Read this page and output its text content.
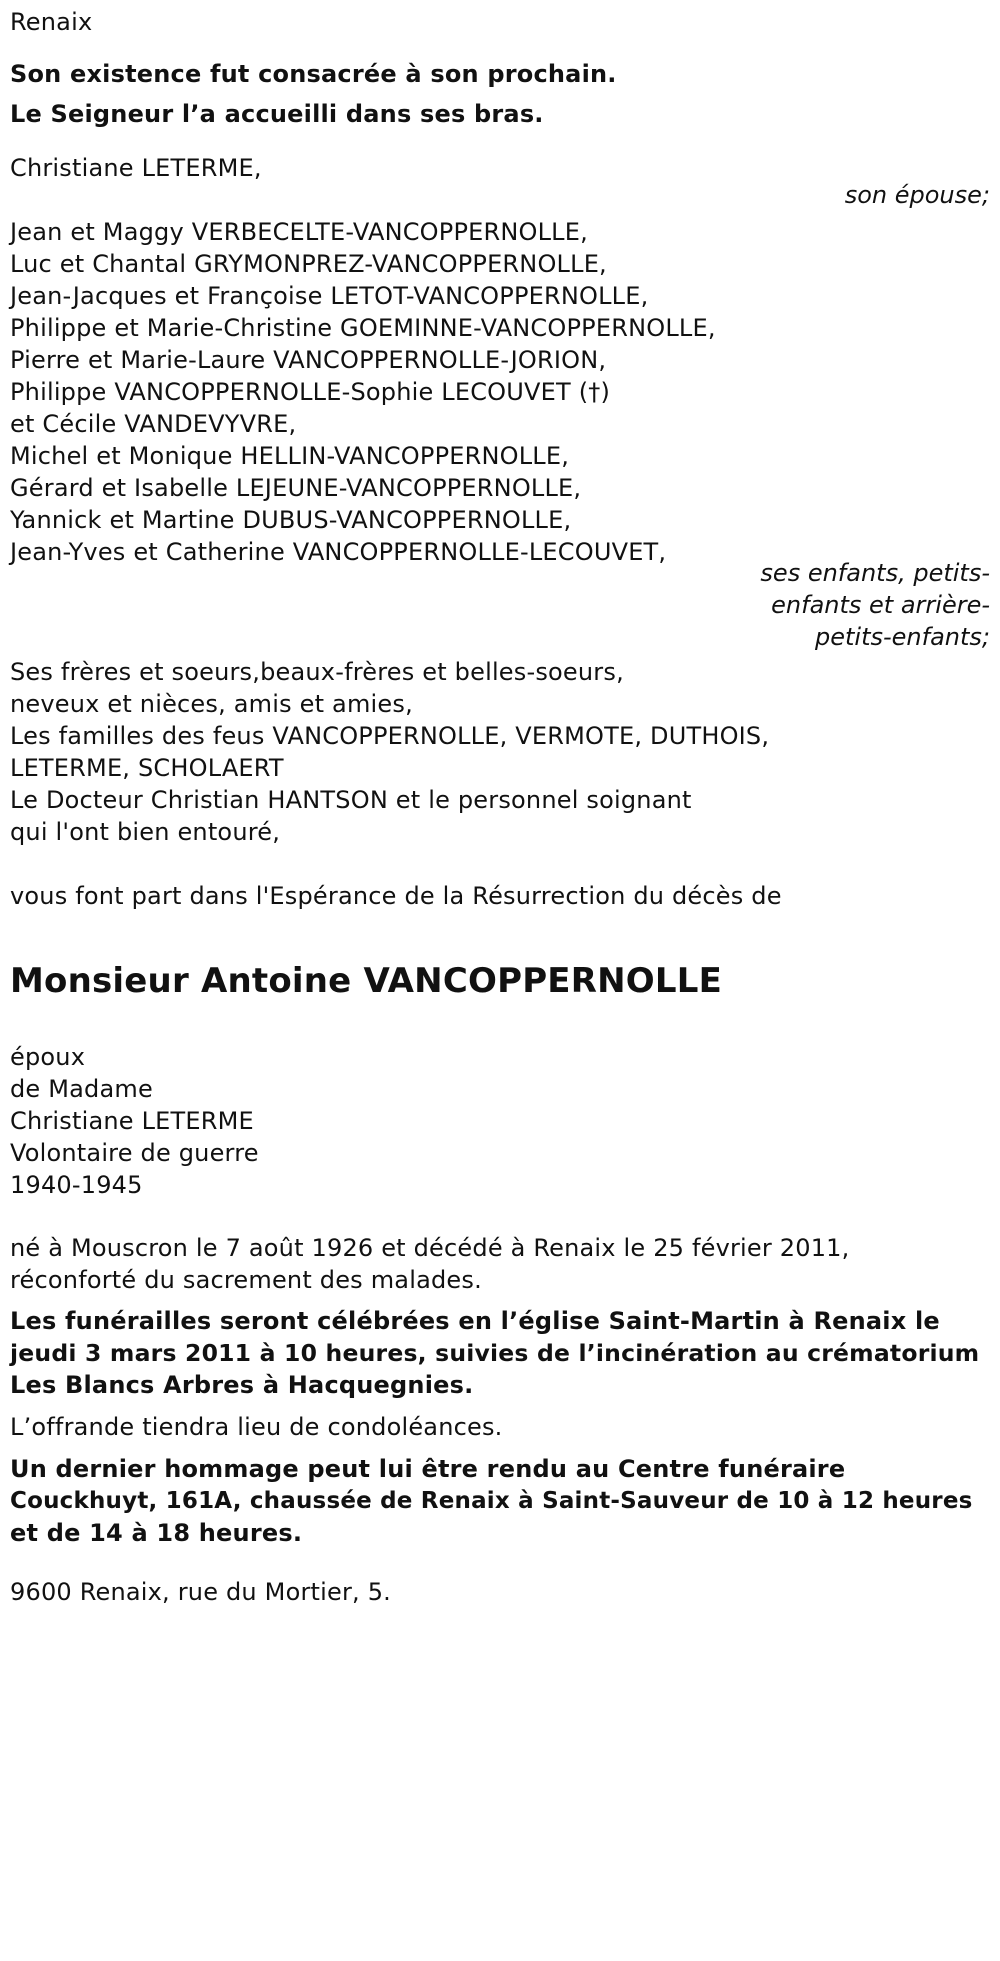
Renaix
Son existence fut consacrée à son prochain.
Le Seigneur l’a accueilli dans ses bras.
Christiane LETERME,
son épouse;
Jean et Maggy VERBECELTE-VANCOPPERNOLLE,
Luc et Chantal GRYMONPREZ-VANCOPPERNOLLE,
Jean-Jacques et Françoise LETOT-VANCOPPERNOLLE,
Philippe et Marie-Christine GOEMINNE-VANCOPPERNOLLE,
Pierre et Marie-Laure VANCOPPERNOLLE-JORION,
Philippe VANCOPPERNOLLE-Sophie LECOUVET (†)
et Cécile VANDEVYVRE,
Michel et Monique HELLIN-VANCOPPERNOLLE,
Gérard et Isabelle LEJEUNE-VANCOPPERNOLLE,
Yannick et Martine DUBUS-VANCOPPERNOLLE,
Jean-Yves et Catherine VANCOPPERNOLLE-LECOUVET,
ses enfants, petits-
enfants et arrière-
petits-enfants;
Ses frères et soeurs,beaux-frères et belles-soeurs,
neveux et nièces, amis et amies,
Les familles des feus VANCOPPERNOLLE, VERMOTE, DUTHOIS,
LETERME, SCHOLAERT
Le Docteur Christian HANTSON et le personnel soignant
qui l'ont bien entouré,
vous font part dans l'Espérance de la Résurrection du décès de
Monsieur Antoine VANCOPPERNOLLE
époux
de Madame
Christiane LETERME
Volontaire de guerre
1940-1945
né à Mouscron le 7 août 1926 et décédé à Renaix le 25 février 2011,
réconforté du sacrement des malades.
Les funérailles seront célébrées en l’église Saint-Martin à Renaix le
jeudi 3 mars 2011 à 10 heures, suivies de l’incinération au crématorium
Les Blancs Arbres à Hacquegnies.
L’offrande tiendra lieu de condoléances.
Un dernier hommage peut lui être rendu au Centre funéraire
Couckhuyt, 161A, chaussée de Renaix à Saint-Sauveur de 10 à 12 heures
et de 14 à 18 heures.
9600 Renaix, rue du Mortier, 5.
